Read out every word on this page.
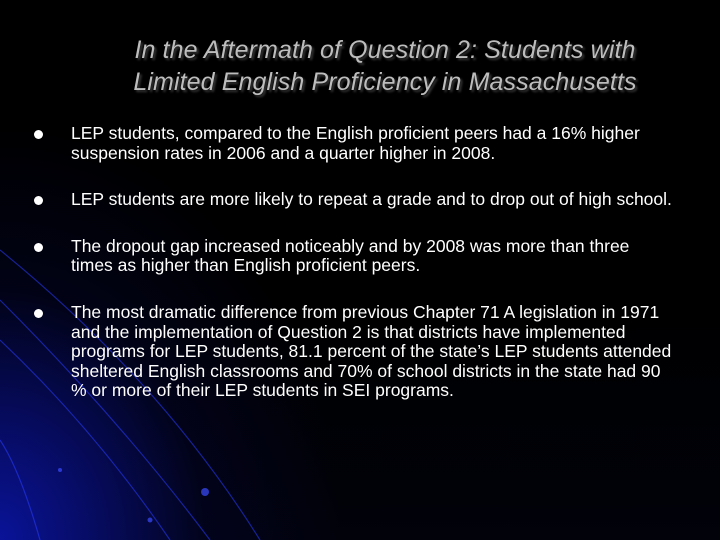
In the Aftermath of Question 2: Students with
Limited English Proficiency in Massachusetts
LEP students, compared to the English proficient peers had a 16% higher suspension rates in 2006 and a quarter higher in 2008.
LEP students are more likely to repeat a grade and to drop out of high school.
The dropout gap increased noticeably and by 2008 was more than three times as higher than English proficient peers.
The most dramatic difference from previous Chapter 71 A legislation in 1971 and the implementation of Question 2 is that districts have implemented programs for LEP students, 81.1 percent of the state’s LEP students attended sheltered English classrooms and 70% of school districts in the state had 90 % or more of their LEP students in SEI programs.
